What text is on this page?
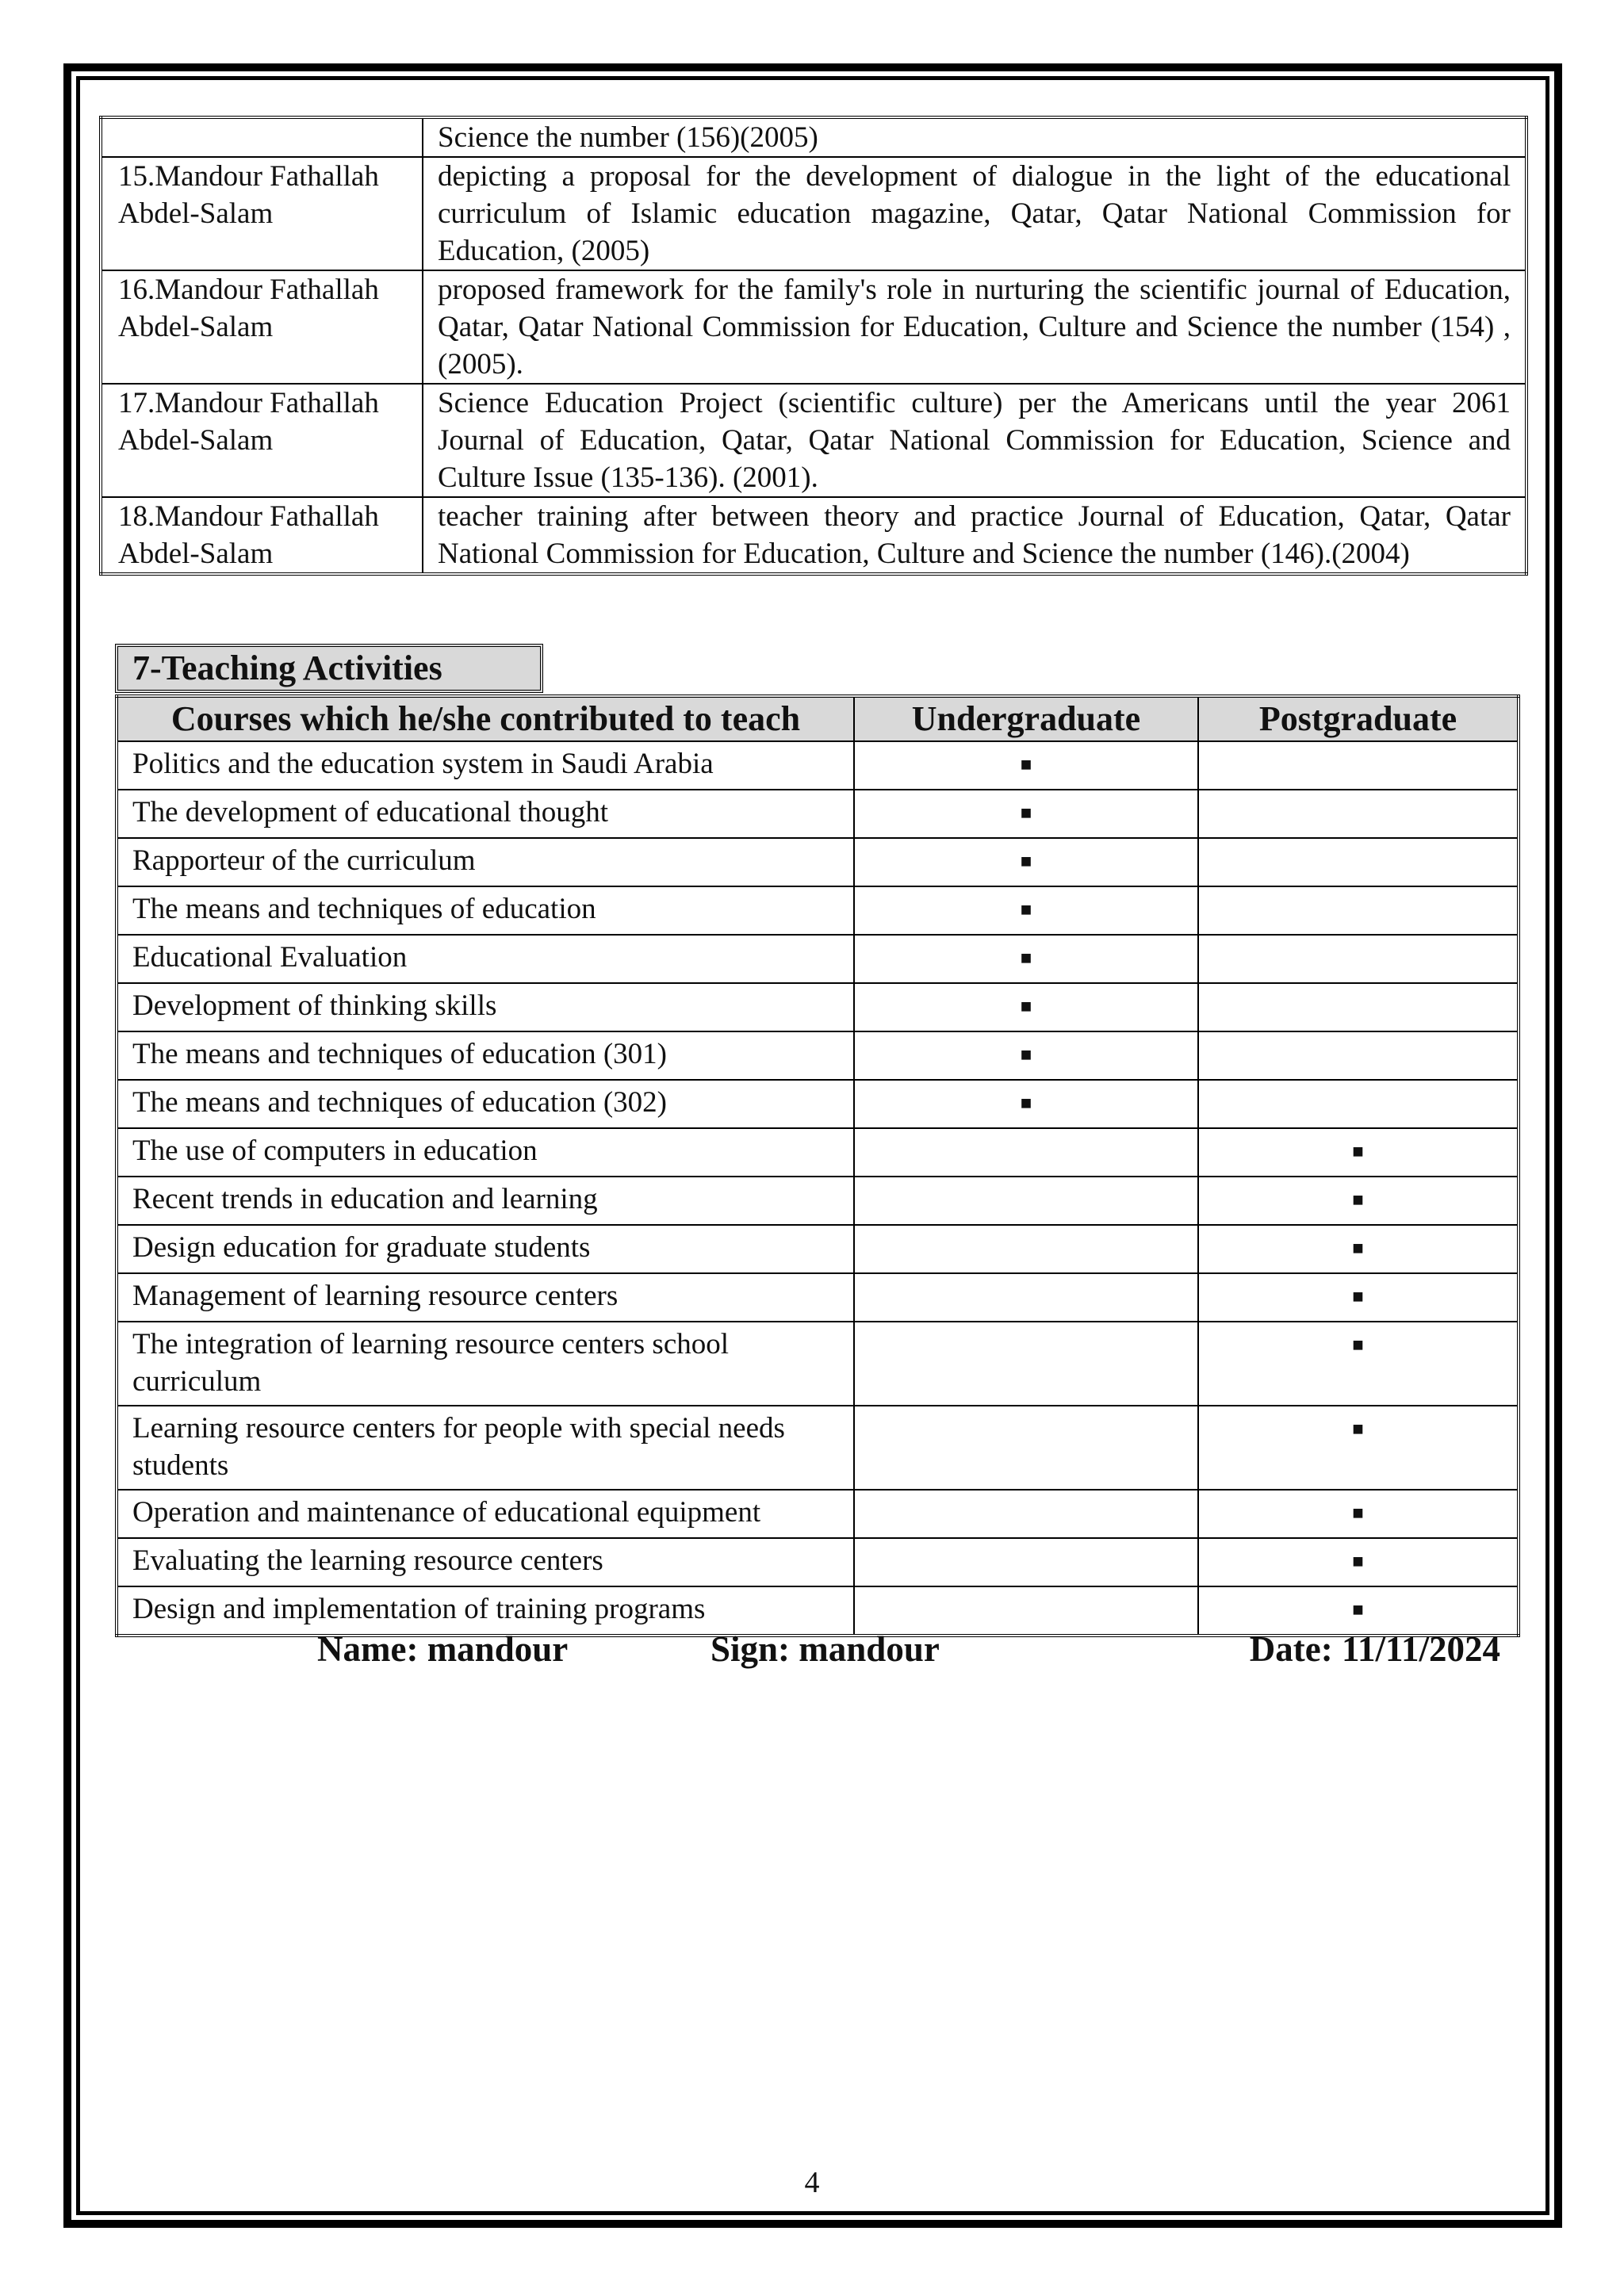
	Science the number (156)(2005)
15.Mandour Fathallah Abdel-Salam	depicting a proposal for the development of dialogue in the light of the educational curriculum of Islamic education magazine, Qatar, Qatar National Commission for Education, (2005)
16.Mandour Fathallah Abdel-Salam	proposed framework for the family's role in nurturing the scientific journal of Education, Qatar, Qatar National Commission for Education, Culture and Science the number (154) , (2005).
17.Mandour Fathallah Abdel-Salam	Science Education Project (scientific culture) per the Americans until the year 2061 Journal of Education, Qatar, Qatar National Commission for Education, Science and Culture Issue (135-136). (2001).
18.Mandour Fathallah Abdel-Salam	teacher training after between theory and practice Journal of Education, Qatar, Qatar National Commission for Education, Culture and Science the number (146).(2004)
7-Teaching Activities
Courses which he/she contributed to teach	Undergraduate	Postgraduate
Politics and the education system in Saudi Arabia	■	
The development of educational thought	■	
Rapporteur of the curriculum	■	
The means and techniques of education	■	
Educational Evaluation	■	
Development of thinking skills	■	
The means and techniques of education (301)	■	
The means and techniques of education (302)	■	
The use of computers in education		■
Recent trends in education and learning		■
Design education for graduate students		■
Management of learning resource centers		■
The integration of learning resource centers school curriculum		■
Learning resource centers for people with special needs students		■
Operation and maintenance of educational equipment		■
Evaluating the learning resource centers		■
Design and implementation of training programs		■
Name: mandour	Sign: mandour	Date: 11/11/2024
4
